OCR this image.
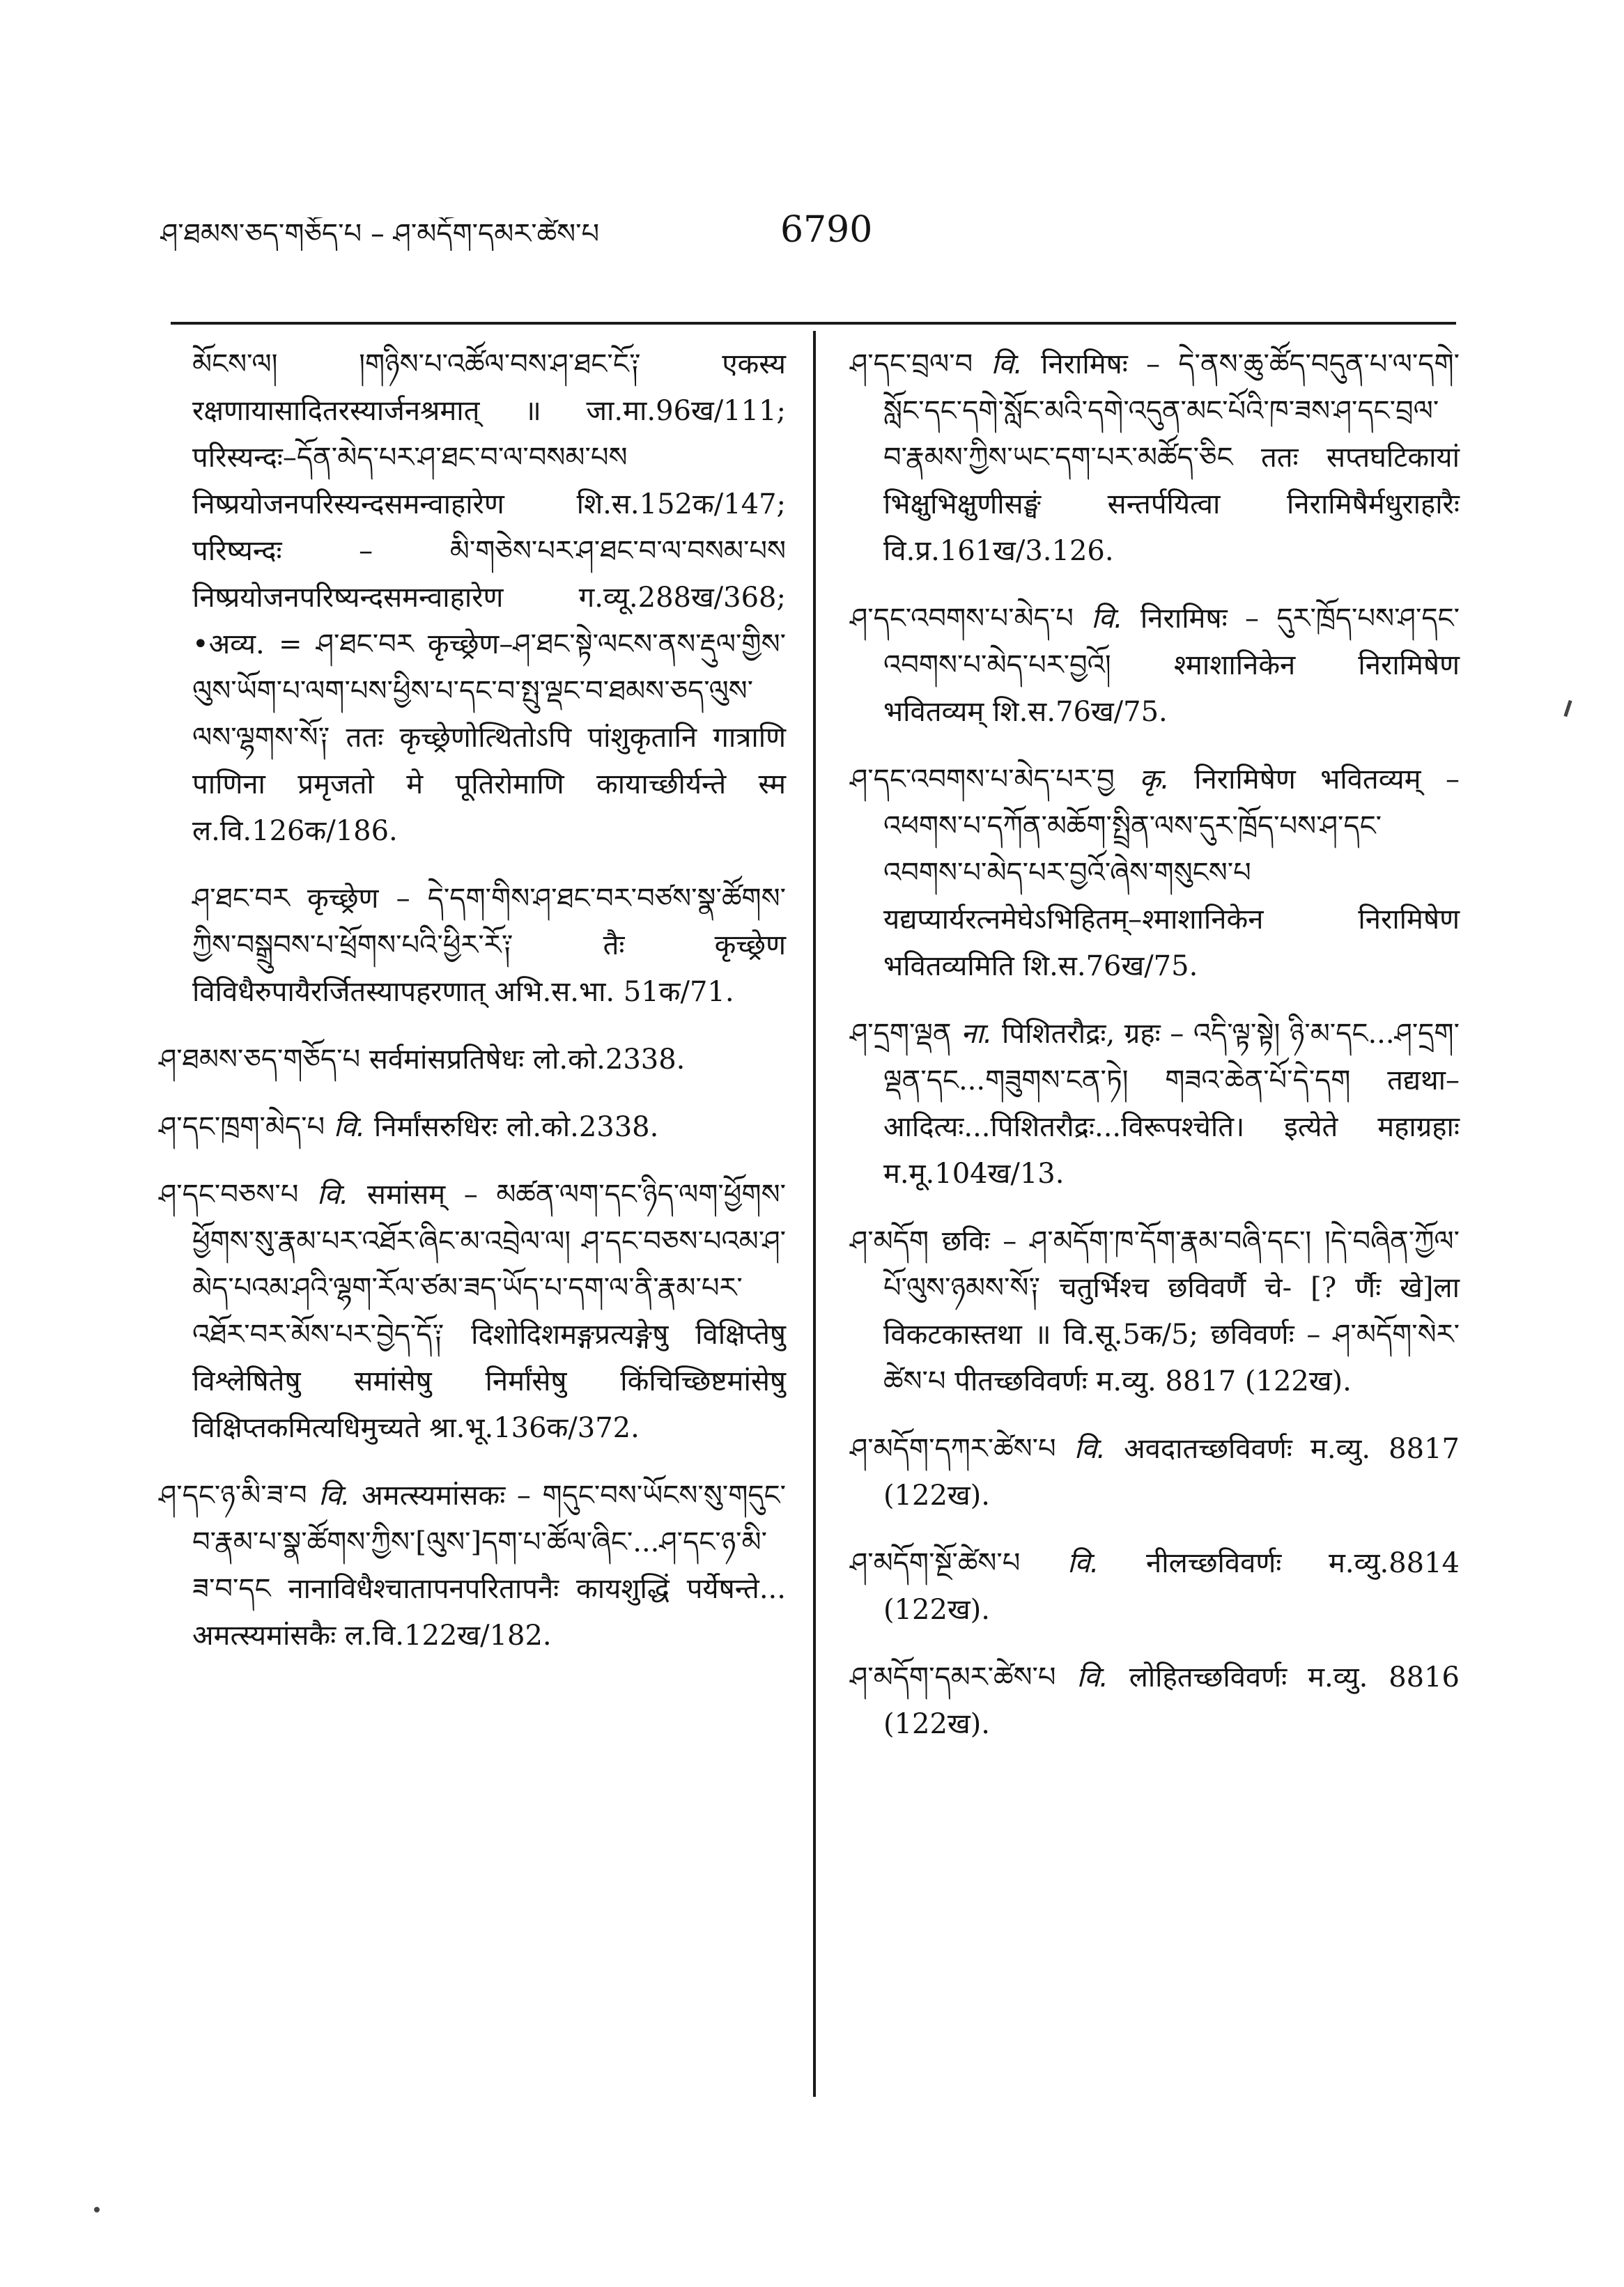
ཤ་ཐམས་ཅད་གཅོད་པ – ཤ་མདོག་དམར་ཚེས་པ	6790

མོངས་ལ། །གཉིས་པ་འཚོལ་བས་ཤ་ཐང་ངོ༑ एकस्य रक्षणायासादितरस्यार्जनश्रमात् ॥ जा.मा.96ख/111; परिस्यन्दः–དོན་མེད་པར་ཤ་ཐང་བ་ལ་བསམ་པས निष्प्रयोजनपरिस्यन्दसमन्वाहारेण शि.स.152क/147; परिष्यन्दः – མི་གཅེས་པར་ཤ་ཐང་བ་ལ་བསམ་པས निष्प्रयोजनपरिष्यन्दसमन्वाहारेण ग.व्यू.288ख/368; •अव्य. = ཤ་ཐང་བར कृच्छ्रेण–ཤ་ཐང་སྟེ་ལངས་ནས་རྡུལ་གྱིས་ལུས་ཡོག་པ་ལག་པས་ཕྱིས་པ་དང་བ་སྤུ་ལྡང་བ་ཐམས་ཅད་ལུས་ལས་ལྷགས་སོ༑ ततः कृच्छ्रेणोत्थितोऽपि पांशुकृतानि गात्राणि पाणिना प्रमृजतो मे पूतिरोमाणि कायाच्छीर्यन्ते स्म ल.वि.126क/186.

ཤ་ཐང་བར कृच्छ्रेण – དེ་དག་གིས་ཤ་ཐང་བར་བཙས་སྣ་ཚོགས་ཀྱིས་བསྒྲུབས་པ་ཕྲོགས་པའི་ཕྱིར་རོ༑ तैः कृच्छ्रेण विविधैरुपायैरर्जितस्यापहरणात् अभि.स.भा. 51क/71.

ཤ་ཐམས་ཅད་གཅོད་པ सर्वमांसप्रतिषेधः लो.को.2338.

ཤ་དང་ཁྲག་མེད་པ वि. निर्मांसरुधिरः लो.को.2338.

ཤ་དང་བཅས་པ वि. समांसम् – མཚན་ལག་དང་ཉིད་ལག་ཕྱོགས་ཕྱོགས་སུ་རྣམ་པར་འཐོར་ཞིང་མ་འབྲེལ་ལ། ཤ་དང་བཅས་པའམ་ཤ་མེད་པའམ་ཤའི་ལྷག་རོལ་ཙམ་ཟད་ཡོད་པ་དག་ལ་ནི་རྣམ་པར་འཐོར་བར་མོས་པར་བྱེད་དོ༑ दिशोदिशमङ्गप्रत्यङ्गेषु विक्षिप्तेषु विश्लेषितेषु समांसेषु निर्मांसेषु किंचिच्छिष्टमांसेषु विक्षिप्तकमित्यधिमुच्यते श्रा.भू.136क/372.

ཤ་དང་ཉ་མི་ཟ་བ वि. अमत्स्यमांसकः – གདུང་བས་ཡོངས་སུ་གདུང་བ་རྣམ་པ་སྣ་ཚོགས་ཀྱིས་[ལུས་]དག་པ་ཚོལ་ཞིང་...ཤ་དང་ཉ་མི་ཟ་བ་དང नानाविधैश्चातापनपरितापनैः कायशुद्धिं पर्येषन्ते... अमत्स्यमांसकैः ल.वि.122ख/182.

ཤ་དང་བྲལ་བ वि. निरामिषः – དེ་ནས་ཆུ་ཚོད་བདུན་པ་ལ་དགེ་སློང་དང་དགེ་སློང་མའི་དགེ་འདུན་མང་པོའི་ཁ་ཟས་ཤ་དང་བྲལ་བ་རྣམས་ཀྱིས་ཡང་དག་པར་མཚོད་ཅིང ततः सप्तघटिकायां भिक्षुभिक्षुणीसङ्घं सन्तर्पयित्वा निरामिषैर्मधुराहारैः वि.प्र.161ख/3.126.

ཤ་དང་འབགས་པ་མེད་པ वि. निरामिषः – དུར་ཁྲོད་པས་ཤ་དང་འབགས་པ་མེད་པར་བྱའོ། श्माशानिकेन निरामिषेण भवितव्यम् शि.स.76ख/75.

ཤ་དང་འབགས་པ་མེད་པར་བྱ कृ. निरामिषेण भवितव्यम् – འཕགས་པ་དཀོན་མཆོག་སྤྲིན་ལས་དུར་ཁྲོད་པས་ཤ་དང་འབགས་པ་མེད་པར་བྱའོ་ཞེས་གསུངས་པ यद्यप्यार्यरत्नमेघेऽभिहितम्–श्माशानिकेन निरामिषेण भवितव्यमिति शि.स.76ख/75.

ཤ་དྲག་ལྡན ना. पिशितरौद्रः, ग्रहः – འདི་ལྟ་སྟེ། ཉི་མ་དང...ཤ་དྲག་ལྡན་དང...གཟུགས་ངན་ཏེ། གཟའ་ཆེན་པོ་དེ་དག तद्यथा–आदित्यः...पिशितरौद्रः...विरूपश्चेति। इत्येते महाग्रहाः म.मू.104ख/13.

ཤ་མདོག छविः – ཤ་མདོག་ཁ་དོག་རྣམ་བཞི་དང་། །དེ་བཞིན་ཀྱོལ་པོ་ལུས་ཉམས་སོ༑ चतुर्भिश्च छविवर्णै चे- [? र्णैः खे]ला विकटकास्तथा ॥ वि.सू.5क/5; छविवर्णः – ཤ་མདོག་སེར་ཚེས་པ पीतच्छविवर्णः म.व्यु. 8817 (122ख).

ཤ་མདོག་དཀར་ཚེས་པ वि. अवदातच्छविवर्णः म.व्यु. 8817 (122ख).

ཤ་མདོག་སྔོ་ཚེས་པ वि. नीलच्छविवर्णः म.व्यु.8814 (122ख).

ཤ་མདོག་དམར་ཚེས་པ वि. लोहितच्छविवर्णः म.व्यु. 8816 (122ख).
